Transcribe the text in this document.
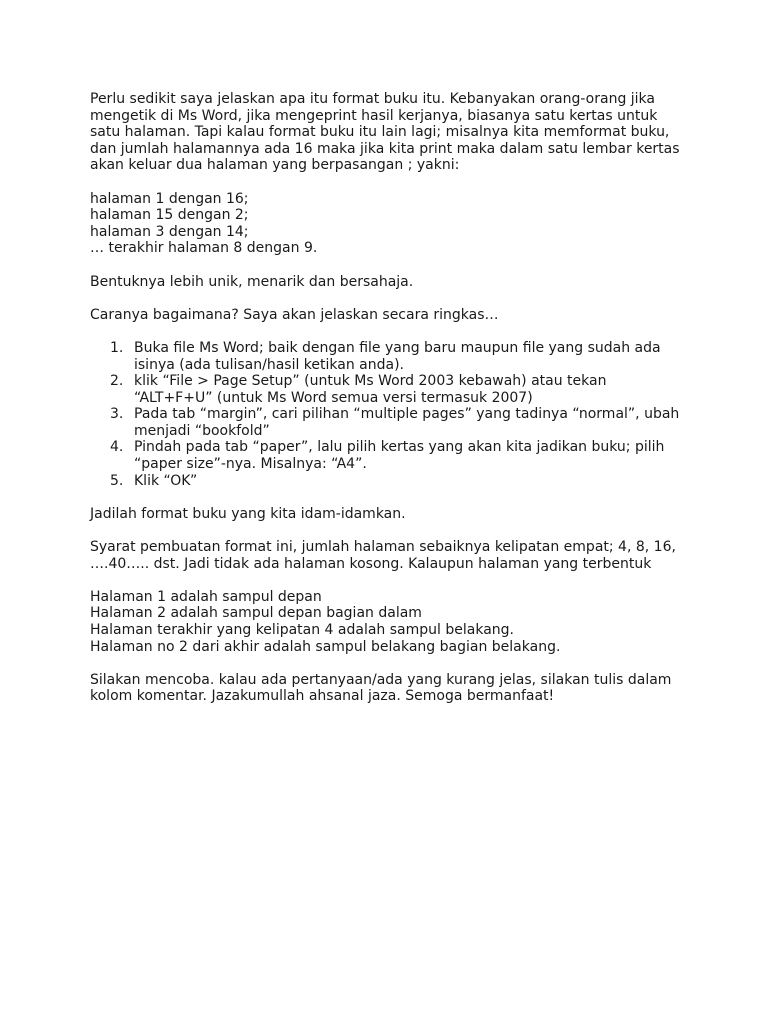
Perlu sedikit saya jelaskan apa itu format buku itu. Kebanyakan orang-orang jika
mengetik di Ms Word, jika mengeprint hasil kerjanya, biasanya satu kertas untuk
satu halaman. Tapi kalau format buku itu lain lagi; misalnya kita memformat buku,
dan jumlah halamannya ada 16 maka jika kita print maka dalam satu lembar kertas
akan keluar dua halaman yang berpasangan ; yakni:

halaman 1 dengan 16;
halaman 15 dengan 2;
halaman 3 dengan 14;
… terakhir halaman 8 dengan 9.

Bentuknya lebih unik, menarik dan bersahaja.

Caranya bagaimana? Saya akan jelaskan secara ringkas…

1. Buka file Ms Word; baik dengan file yang baru maupun file yang sudah ada
isinya (ada tulisan/hasil ketikan anda).
2. klik “File > Page Setup” (untuk Ms Word 2003 kebawah) atau tekan
“ALT+F+U” (untuk Ms Word semua versi termasuk 2007)
3. Pada tab “margin”, cari pilihan “multiple pages” yang tadinya “normal”, ubah
menjadi “bookfold”
4. Pindah pada tab “paper”, lalu pilih kertas yang akan kita jadikan buku; pilih
“paper size”-nya. Misalnya: “A4”.
5. Klik “OK”

Jadilah format buku yang kita idam-idamkan.

Syarat pembuatan format ini, jumlah halaman sebaiknya kelipatan empat; 4, 8, 16,
….40….. dst. Jadi tidak ada halaman kosong. Kalaupun halaman yang terbentuk

Halaman 1 adalah sampul depan
Halaman 2 adalah sampul depan bagian dalam
Halaman terakhir yang kelipatan 4 adalah sampul belakang.
Halaman no 2 dari akhir adalah sampul belakang bagian belakang.

Silakan mencoba. kalau ada pertanyaan/ada yang kurang jelas, silakan tulis dalam
kolom komentar. Jazakumullah ahsanal jaza. Semoga bermanfaat!
